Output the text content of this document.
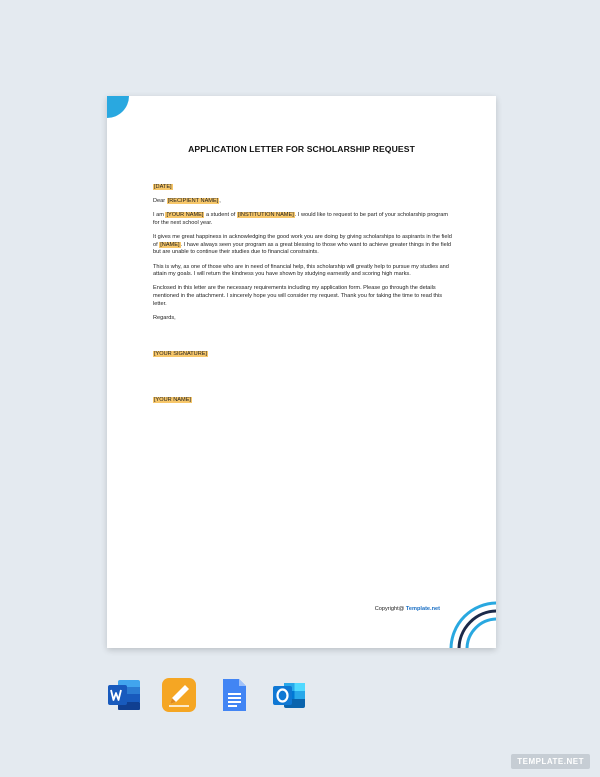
APPLICATION LETTER FOR SCHOLARSHIP REQUEST

[DATE]

Dear [RECIPIENT NAME],

I am [YOUR NAME] a student of [INSTITUTION NAME]. I would like to request to be part of your scholarship program for the next school year.

It gives me great happiness in acknowledging the good work you are doing by giving scholarships to aspirants in the field of [NAME]. I have always seen your program as a great blessing to those who want to achieve greater things in the field but are unable to continue their studies due to financial constraints.

This is why, as one of those who are in need of financial help, this scholarship will greatly help to pursue my studies and attain my goals. I will return the kindness you have shown by studying earnestly and scoring high marks.

Enclosed in this letter are the necessary requirements including my application form. Please go through the details mentioned in the attachment. I sincerely hope you will consider my request. Thank you for taking the time to read this letter.

Regards,

[YOUR SIGNATURE]

[YOUR NAME]

Copyright@ Template.net
TEMPLATE.NET
